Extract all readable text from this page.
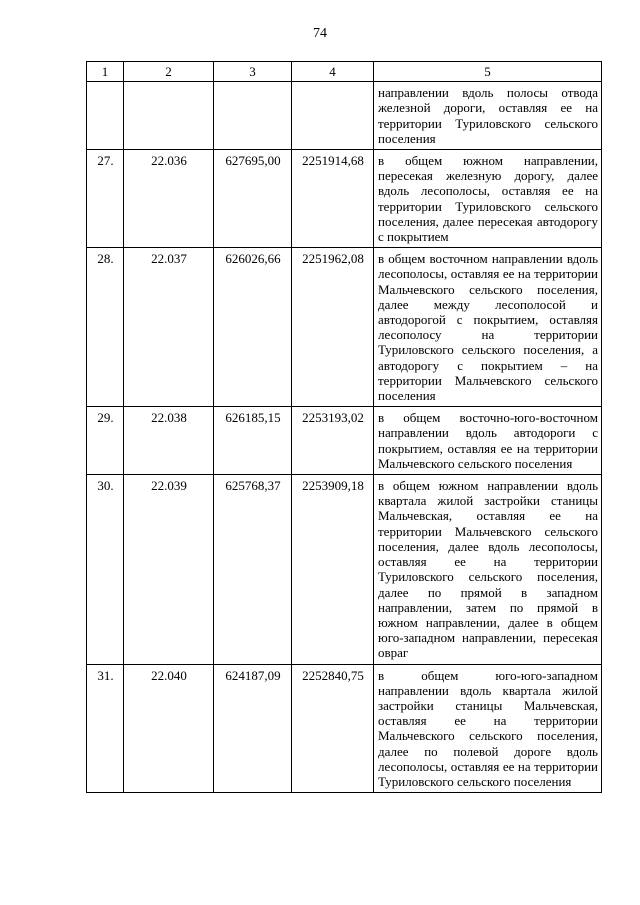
74
1	2	3	4	5
				направлении вдоль полосы отвода железной дороги, оставляя ее на территории Туриловского сельского поселения
27.	22.036	627695,00	2251914,68	в общем южном направлении, пересекая железную дорогу, далее вдоль лесополосы, оставляя ее на территории Туриловского сельского поселения, далее пересекая автодорогу с покрытием
28.	22.037	626026,66	2251962,08	в общем восточном направлении вдоль лесополосы, оставляя ее на территории Мальчевского сельского поселения, далее между лесополосой и автодорогой с покрытием, оставляя лесополосу на территории Туриловского сельского поселения, а автодорогу с покрытием – на территории Мальчевского сельского поселения
29.	22.038	626185,15	2253193,02	в общем восточно-юго-восточном направлении вдоль автодороги с покрытием, оставляя ее на территории Мальчевского сельского поселения
30.	22.039	625768,37	2253909,18	в общем южном направлении вдоль квартала жилой застройки станицы Мальчевская, оставляя ее на территории Мальчевского сельского поселения, далее вдоль лесополосы, оставляя ее на территории Туриловского сельского поселения, далее по прямой в западном направлении, затем по прямой в южном направлении, далее в общем юго-западном направлении, пересекая овраг
31.	22.040	624187,09	2252840,75	в общем юго-юго-западном направлении вдоль квартала жилой застройки станицы Мальчевская, оставляя ее на территории Мальчевского сельского поселения, далее по полевой дороге вдоль лесополосы, оставляя ее на территории Туриловского сельского поселения
